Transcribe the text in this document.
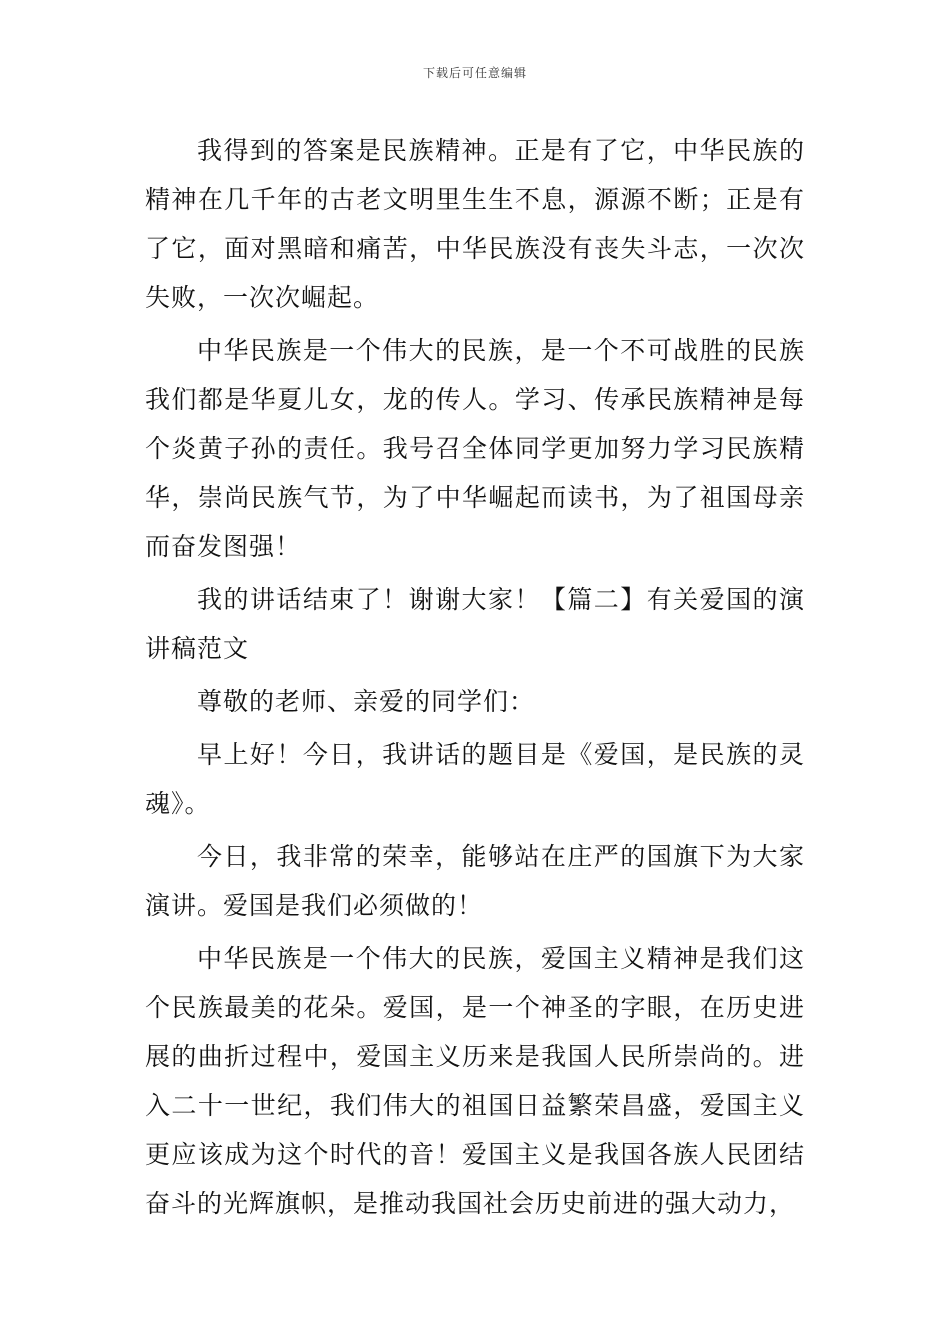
下载后可任意编辑

我得到的答案是民族精神。正是有了它，中华民族的精神在几千年的古老文明里生生不息，源源不断；正是有了它，面对黑暗和痛苦，中华民族没有丧失斗志，一次次失败，一次次崛起。

中华民族是一个伟大的民族，是一个不可战胜的民族我们都是华夏儿女，龙的传人。学习、传承民族精神是每个炎黄子孙的责任。我号召全体同学更加努力学习民族精华，崇尚民族气节，为了中华崛起而读书，为了祖国母亲而奋发图强！

我的讲话结束了！谢谢大家！【篇二】有关爱国的演讲稿范文

尊敬的老师、亲爱的同学们：

早上好！今日，我讲话的题目是《爱国，是民族的灵魂》。

今日，我非常的荣幸，能够站在庄严的国旗下为大家演讲。爱国是我们必须做的！

中华民族是一个伟大的民族，爱国主义精神是我们这个民族最美的花朵。爱国，是一个神圣的字眼，在历史进展的曲折过程中，爱国主义历来是我国人民所崇尚的。进入二十一世纪，我们伟大的祖国日益繁荣昌盛，爱国主义更应该成为这个时代的音！爱国主义是我国各族人民团结奋斗的光辉旗帜，是推动我国社会历史前进的强大动力，
